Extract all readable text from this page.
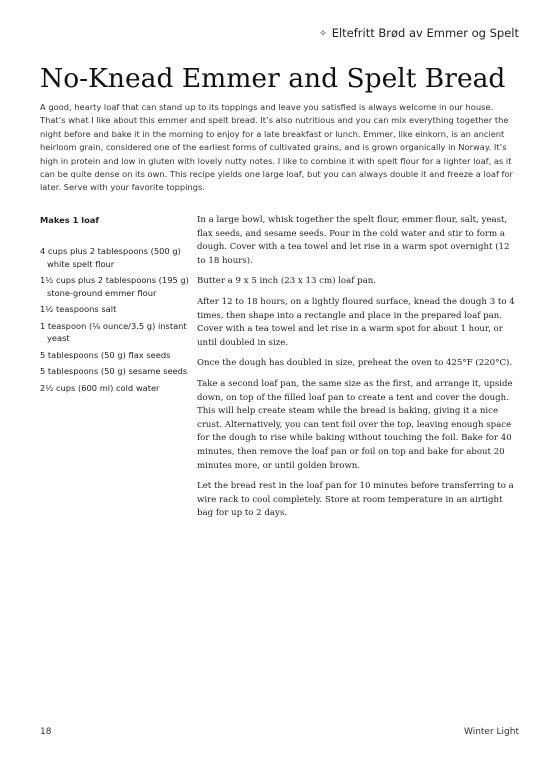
✧ Eltefritt Brød av Emmer og Spelt
No-Knead Emmer and Spelt Bread

A good, hearty loaf that can stand up to its toppings and leave you satisfied is always welcome in our house. That’s what I like about this emmer and spelt bread. It’s also nutritious and you can mix everything together the night before and bake it in the morning to enjoy for a late breakfast or lunch. Emmer, like einkorn, is an ancient heirloom grain, considered one of the earliest forms of cultivated grains, and is grown organically in Norway. It’s high in protein and low in gluten with lovely nutty notes. I like to combine it with spelt flour for a lighter loaf, as it can be quite dense on its own. This recipe yields one large loaf, but you can always double it and freeze a loaf for later. Serve with your favorite toppings.

Makes 1 loaf

4 cups plus 2 tablespoons (500 g) white spelt flour
1½ cups plus 2 tablespoons (195 g) stone-ground emmer flour
1½ teaspoons salt
1 teaspoon (⅛ ounce/3.5 g) instant yeast
5 tablespoons (50 g) flax seeds
5 tablespoons (50 g) sesame seeds
2½ cups (600 ml) cold water

In a large bowl, whisk together the spelt flour, emmer flour, salt, yeast, flax seeds, and sesame seeds. Pour in the cold water and stir to form a dough. Cover with a tea towel and let rise in a warm spot overnight (12 to 18 hours).

Butter a 9 x 5 inch (23 x 13 cm) loaf pan.

After 12 to 18 hours, on a lightly floured surface, knead the dough 3 to 4 times, then shape into a rectangle and place in the prepared loaf pan. Cover with a tea towel and let rise in a warm spot for about 1 hour, or until doubled in size.

Once the dough has doubled in size, preheat the oven to 425°F (220°C).

Take a second loaf pan, the same size as the first, and arrange it, upside down, on top of the filled loaf pan to create a tent and cover the dough. This will help create steam while the bread is baking, giving it a nice crust. Alternatively, you can tent foil over the top, leaving enough space for the dough to rise while baking without touching the foil. Bake for 40 minutes, then remove the loaf pan or foil on top and bake for about 20 minutes more, or until golden brown.

Let the bread rest in the loaf pan for 10 minutes before transferring to a wire rack to cool completely. Store at room temperature in an airtight bag for up to 2 days.

18	Winter Light
